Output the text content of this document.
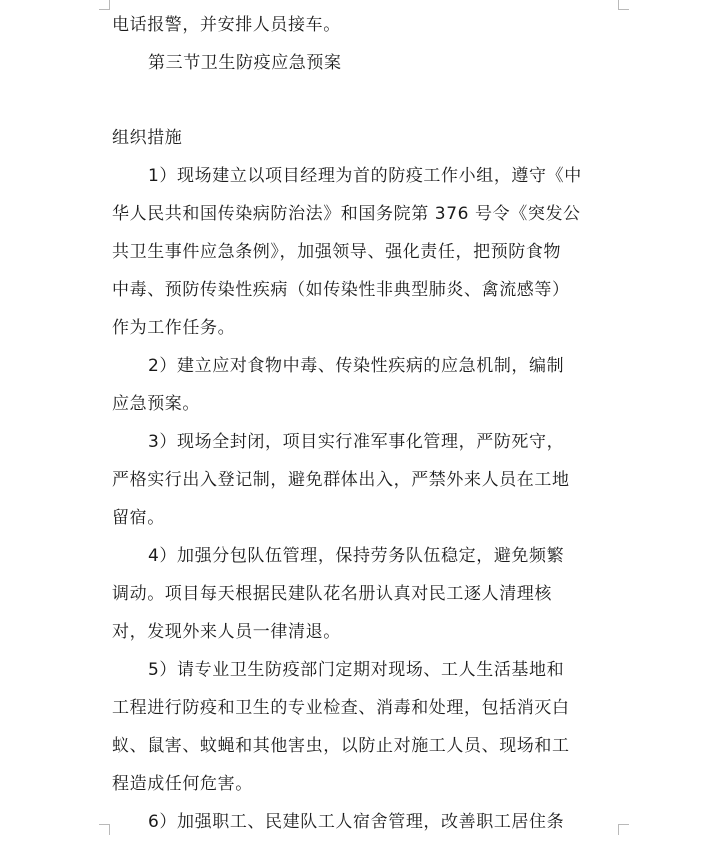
电话报警，并安排人员接车。
第三节卫生防疫应急预案
组织措施
1）现场建立以项目经理为首的防疫工作小组，遵守《中
华人民共和国传染病防治法》和国务院第 376 号令《突发公
共卫生事件应急条例》，加强领导、强化责任，把预防食物
中毒、预防传染性疾病（如传染性非典型肺炎、禽流感等）
作为工作任务。
2）建立应对食物中毒、传染性疾病的应急机制，编制
应急预案。
3）现场全封闭，项目实行准军事化管理，严防死守，
严格实行出入登记制，避免群体出入，严禁外来人员在工地
留宿。
4）加强分包队伍管理，保持劳务队伍稳定，避免频繁
调动。项目每天根据民建队花名册认真对民工逐人清理核
对，发现外来人员一律清退。
5）请专业卫生防疫部门定期对现场、工人生活基地和
工程进行防疫和卫生的专业检查、消毒和处理，包括消灭白
蚁、鼠害、蚊蝇和其他害虫，以防止对施工人员、现场和工
程造成任何危害。
6）加强职工、民建队工人宿舍管理，改善职工居住条
